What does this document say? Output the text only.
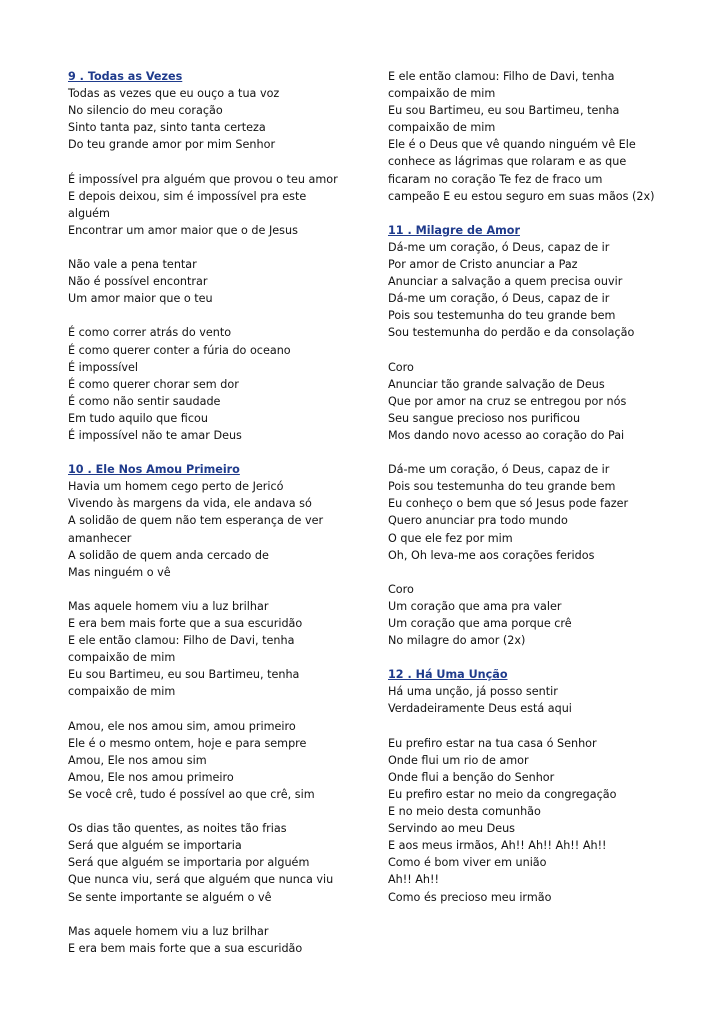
9 . Todas as Vezes
Todas as vezes que eu ouço a tua voz
No silencio do meu coração
Sinto tanta paz, sinto tanta certeza
Do teu grande amor por mim Senhor
É impossível pra alguém que provou o teu amor
E depois deixou, sim é impossível pra este
alguém
Encontrar um amor maior que o de Jesus
Não vale a pena tentar
Não é possível encontrar
Um amor maior que o teu
É como correr atrás do vento
É como querer conter a fúria do oceano
É impossível
É como querer chorar sem dor
É como não sentir saudade
Em tudo aquilo que ficou
É impossível não te amar Deus
10 . Ele Nos Amou Primeiro
Havia um homem cego perto de Jericó
Vivendo às margens da vida, ele andava só
A solidão de quem não tem esperança de ver
amanhecer
A solidão de quem anda cercado de
Mas ninguém o vê
Mas aquele homem viu a luz brilhar
E era bem mais forte que a sua escuridão
E ele então clamou: Filho de Davi, tenha
compaixão de mim
Eu sou Bartimeu, eu sou Bartimeu, tenha
compaixão de mim
Amou, ele nos amou sim, amou primeiro
Ele é o mesmo ontem, hoje e para sempre
Amou, Ele nos amou sim
Amou, Ele nos amou primeiro
Se você crê, tudo é possível ao que crê, sim
Os dias tão quentes, as noites tão frias
Será que alguém se importaria
Será que alguém se importaria por alguém
Que nunca viu, será que alguém que nunca viu
Se sente importante se alguém o vê
Mas aquele homem viu a luz brilhar
E era bem mais forte que a sua escuridão
E ele então clamou: Filho de Davi, tenha
compaixão de mim
Eu sou Bartimeu, eu sou Bartimeu, tenha
compaixão de mim
Ele é o Deus que vê quando ninguém vê Ele
conhece as lágrimas que rolaram e as que
ficaram no coração Te fez de fraco um
campeão E eu estou seguro em suas mãos (2x)
11 . Milagre de Amor
Dá-me um coração, ó Deus, capaz de ir
Por amor de Cristo anunciar a Paz
Anunciar a salvação a quem precisa ouvir
Dá-me um coração, ó Deus, capaz de ir
Pois sou testemunha do teu grande bem
Sou testemunha do perdão e da consolação
Coro
Anunciar tão grande salvação de Deus
Que por amor na cruz se entregou por nós
Seu sangue precioso nos purificou
Mos dando novo acesso ao coração do Pai
Dá-me um coração, ó Deus, capaz de ir
Pois sou testemunha do teu grande bem
Eu conheço o bem que só Jesus pode fazer
Quero anunciar pra todo mundo
O que ele fez por mim
Oh, Oh leva-me aos corações feridos
Coro
Um coração que ama pra valer
Um coração que ama porque crê
No milagre do amor (2x)
12 . Há Uma Unção
Há uma unção, já posso sentir
Verdadeiramente Deus está aqui
Eu prefiro estar na tua casa ó Senhor
Onde flui um rio de amor
Onde flui a benção do Senhor
Eu prefiro estar no meio da congregação
E no meio desta comunhão
Servindo ao meu Deus
E aos meus irmãos, Ah!! Ah!! Ah!! Ah!!
Como é bom viver em união
Ah!! Ah!!
Como és precioso meu irmão
